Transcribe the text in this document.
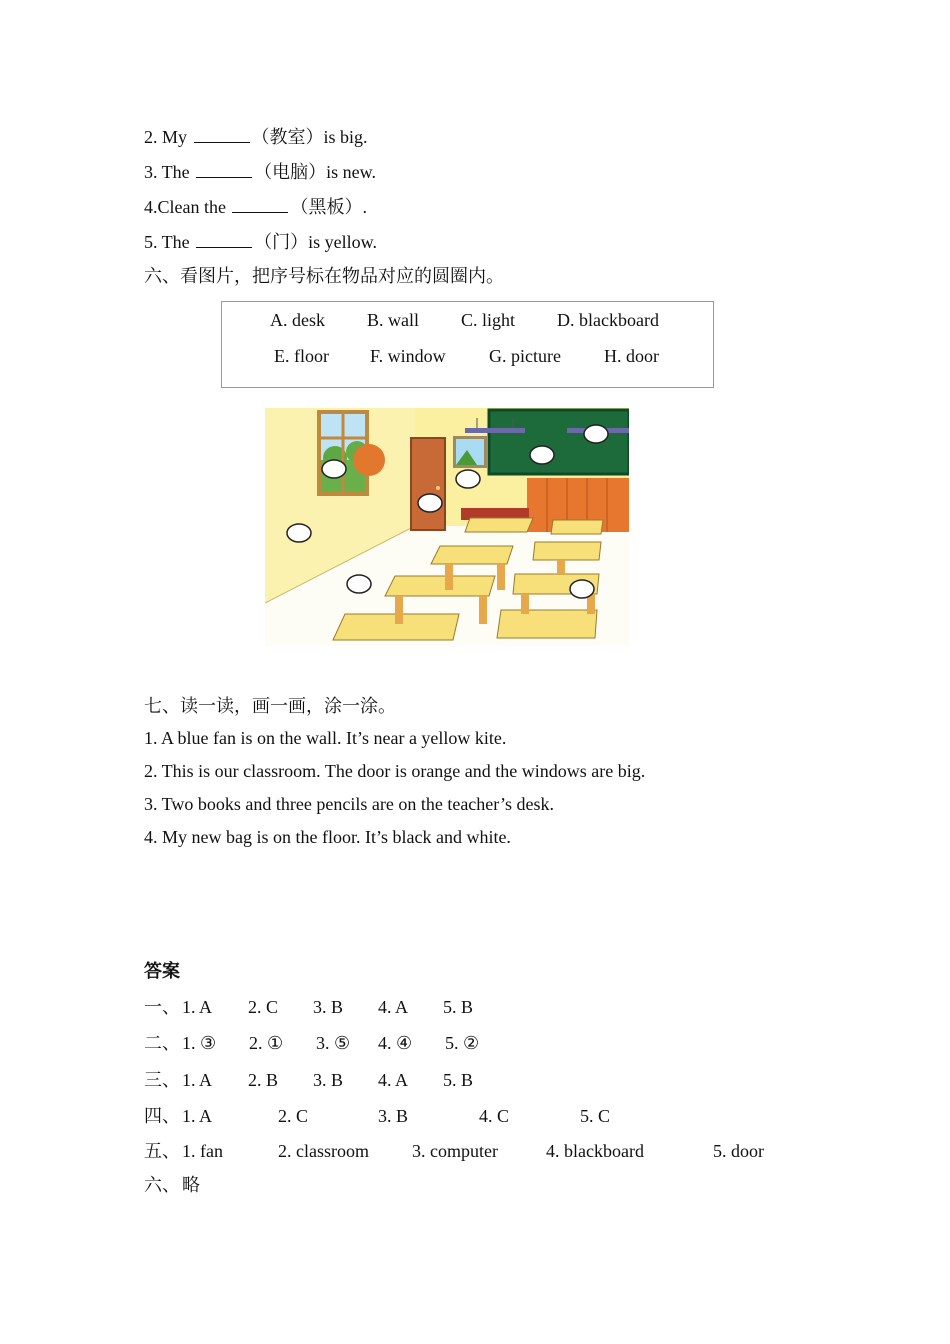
2. My	（教室）is big.
3. The	（电脑）is new.
4.Clean the	（黑板）.
5. The	（门）is yellow.
六、看图片，把序号标在物品对应的圆圈内。
A. desk B. wall C. light D. blackboard
E. floor F. window G. picture H. door
七、读一读，画一画，涂一涂。
1. A blue fan is on the wall. It’s near a yellow kite.
2. This is our classroom. The door is orange and the windows are big.
3. Two books and three pencils are on the teacher’s desk.
4. My new bag is on the floor. It’s black and white.
答案
一、 1. A 2. C 3. B 4. A 5. B
二、 1. ③ 2. ① 3. ⑤ 4. ④ 5. ②
三、 1. A 2. B 3. B 4. A 5. B
四、 1. A	2. C	3. B	4. C	5. C
五、 1. fan	2. classroom 3. computer	4. blackboard	5. door
六、 略
